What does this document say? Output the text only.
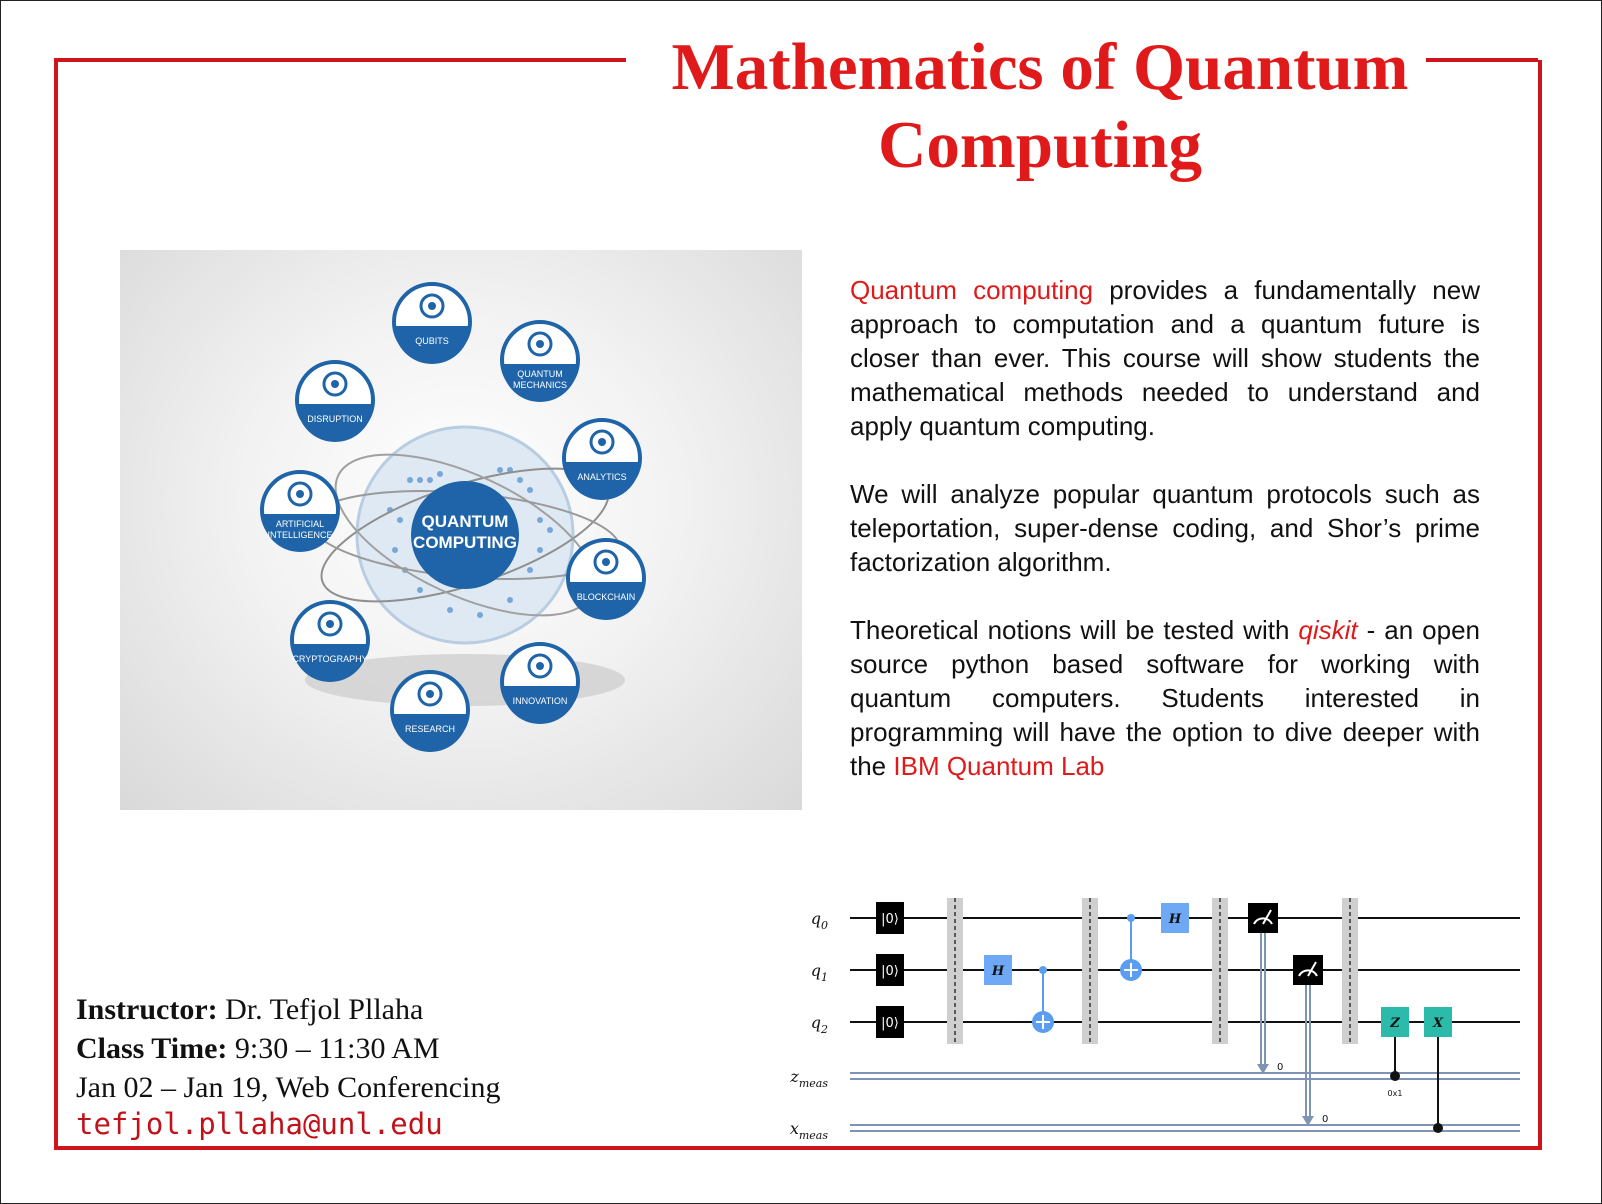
Mathematics of Quantum
Computing
QUANTUM
COMPUTING
QUBITS
QUANTUM
MECHANICS
ANALYTICS
BLOCKCHAIN
INNOVATION
RESEARCH
CRYPTOGRAPHY
ARTIFICIAL
INTELLIGENCE
DISRUPTION

Quantum computing provides a fundamentally new approach to computation and a quantum future is closer than ever. This course will show students the mathematical methods needed to understand and apply quantum computing.

We will analyze popular quantum protocols such as teleportation, super-dense coding, and Shor’s prime factorization algorithm.

Theoretical notions will be tested with qiskit - an open source python based software for working with quantum computers. Students interested in programming will have the option to dive deeper with the IBM Quantum Lab

Instructor: Dr. Tefjol Pllaha
Class Time: 9:30 – 11:30 AM
Jan 02 – Jan 19, Web Conferencing
tefjol.pllaha@unl.edu
$q_0$
$q_1$
$q_2$
$z_{meas}$
$x_{meas}$
|0⟩
|0⟩
|0⟩
H
H
0
0
0x1
Z	X
